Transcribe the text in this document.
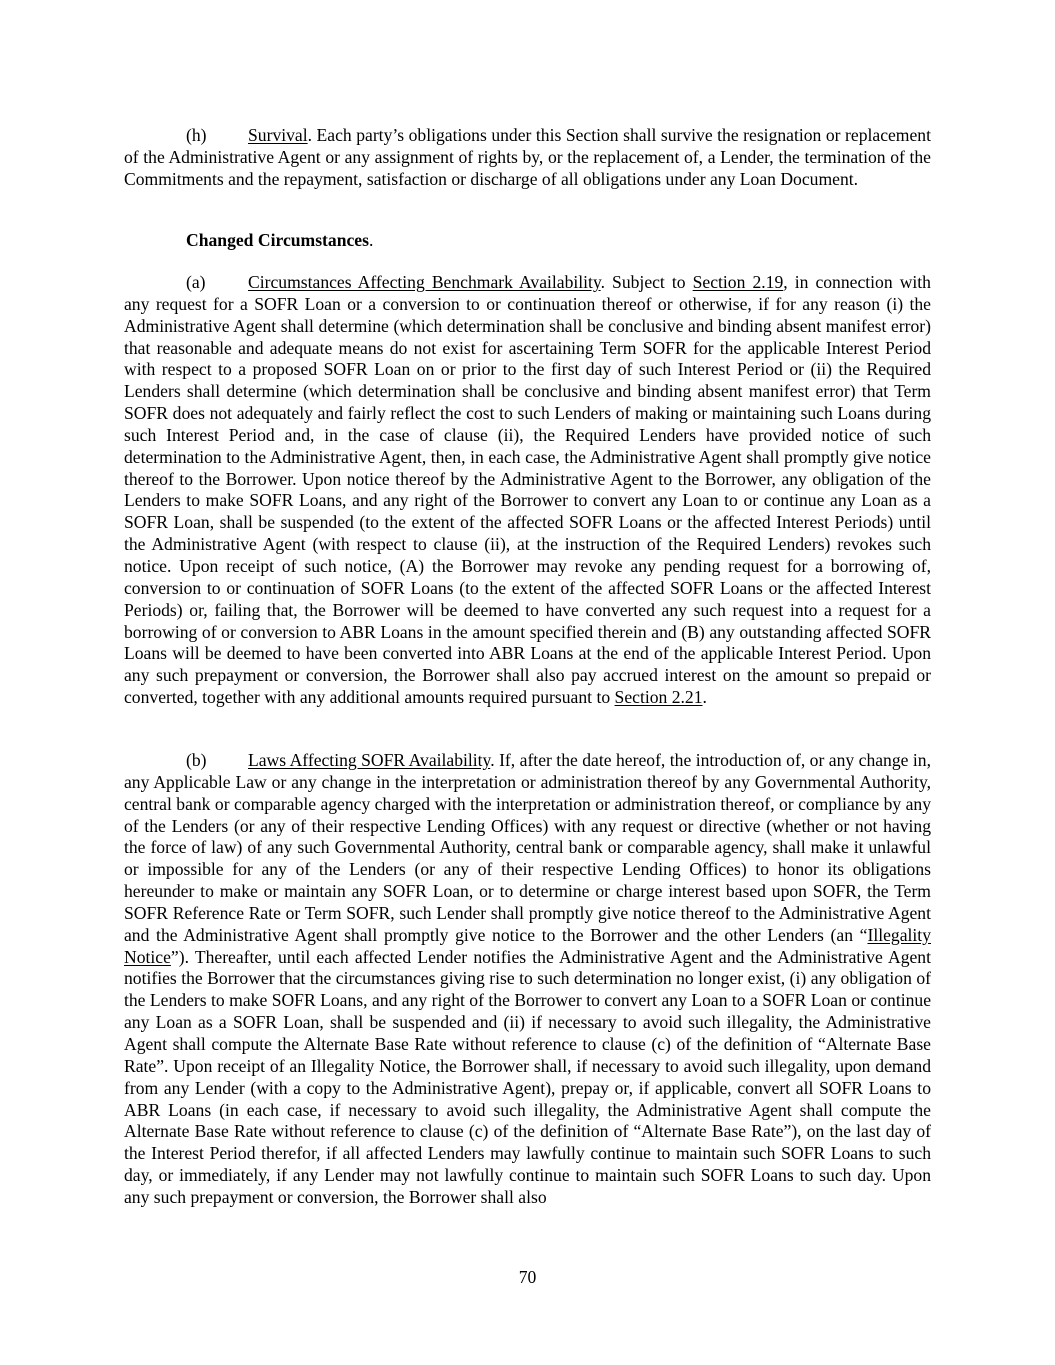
(h) Survival. Each party’s obligations under this Section shall survive the resignation or replacement of the Administrative Agent or any assignment of rights by, or the replacement of, a Lender, the termination of the Commitments and the repayment, satisfaction or discharge of all obligations under any Loan Document.

Changed Circumstances.

(a) Circumstances Affecting Benchmark Availability. Subject to Section 2.19, in connection with any request for a SOFR Loan or a conversion to or continuation thereof or otherwise, if for any reason (i) the Administrative Agent shall determine (which determination shall be conclusive and binding absent manifest error) that reasonable and adequate means do not exist for ascertaining Term SOFR for the applicable Interest Period with respect to a proposed SOFR Loan on or prior to the first day of such Interest Period or (ii) the Required Lenders shall determine (which determination shall be conclusive and binding absent manifest error) that Term SOFR does not adequately and fairly reflect the cost to such Lenders of making or maintaining such Loans during such Interest Period and, in the case of clause (ii), the Required Lenders have provided notice of such determination to the Administrative Agent, then, in each case, the Administrative Agent shall promptly give notice thereof to the Borrower. Upon notice thereof by the Administrative Agent to the Borrower, any obligation of the Lenders to make SOFR Loans, and any right of the Borrower to convert any Loan to or continue any Loan as a SOFR Loan, shall be suspended (to the extent of the affected SOFR Loans or the affected Interest Periods) until the Administrative Agent (with respect to clause (ii), at the instruction of the Required Lenders) revokes such notice. Upon receipt of such notice, (A) the Borrower may revoke any pending request for a borrowing of, conversion to or continuation of SOFR Loans (to the extent of the affected SOFR Loans or the affected Interest Periods) or, failing that, the Borrower will be deemed to have converted any such request into a request for a borrowing of or conversion to ABR Loans in the amount specified therein and (B) any outstanding affected SOFR Loans will be deemed to have been converted into ABR Loans at the end of the applicable Interest Period. Upon any such prepayment or conversion, the Borrower shall also pay accrued interest on the amount so prepaid or converted, together with any additional amounts required pursuant to Section 2.21.

(b) Laws Affecting SOFR Availability. If, after the date hereof, the introduction of, or any change in, any Applicable Law or any change in the interpretation or administration thereof by any Governmental Authority, central bank or comparable agency charged with the interpretation or administration thereof, or compliance by any of the Lenders (or any of their respective Lending Offices) with any request or directive (whether or not having the force of law) of any such Governmental Authority, central bank or comparable agency, shall make it unlawful or impossible for any of the Lenders (or any of their respective Lending Offices) to honor its obligations hereunder to make or maintain any SOFR Loan, or to determine or charge interest based upon SOFR, the Term SOFR Reference Rate or Term SOFR, such Lender shall promptly give notice thereof to the Administrative Agent and the Administrative Agent shall promptly give notice to the Borrower and the other Lenders (an “Illegality Notice”). Thereafter, until each affected Lender notifies the Administrative Agent and the Administrative Agent notifies the Borrower that the circumstances giving rise to such determination no longer exist, (i) any obligation of the Lenders to make SOFR Loans, and any right of the Borrower to convert any Loan to a SOFR Loan or continue any Loan as a SOFR Loan, shall be suspended and (ii) if necessary to avoid such illegality, the Administrative Agent shall compute the Alternate Base Rate without reference to clause (c) of the definition of “Alternate Base Rate”. Upon receipt of an Illegality Notice, the Borrower shall, if necessary to avoid such illegality, upon demand from any Lender (with a copy to the Administrative Agent), prepay or, if applicable, convert all SOFR Loans to ABR Loans (in each case, if necessary to avoid such illegality, the Administrative Agent shall compute the Alternate Base Rate without reference to clause (c) of the definition of “Alternate Base Rate”), on the last day of the Interest Period therefor, if all affected Lenders may lawfully continue to maintain such SOFR Loans to such day, or immediately, if any Lender may not lawfully continue to maintain such SOFR Loans to such day. Upon any such prepayment or conversion, the Borrower shall also

70
